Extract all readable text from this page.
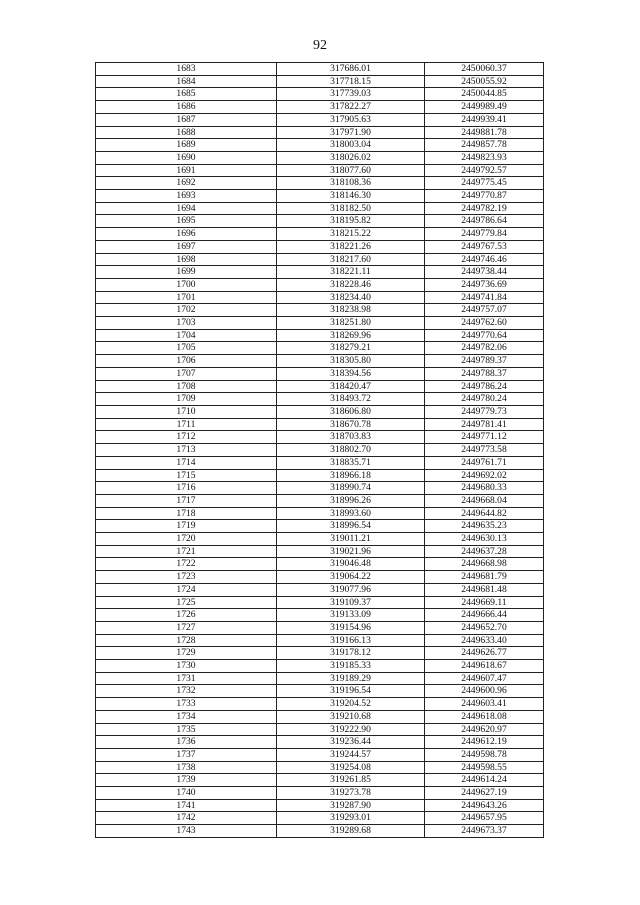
92
1683	317686.01	2450060.37
1684	317718.15	2450055.92
1685	317739.03	2450044.85
1686	317822.27	2449989.49
1687	317905.63	2449939.41
1688	317971.90	2449881.78
1689	318003.04	2449857.78
1690	318026.02	2449823.93
1691	318077.60	2449792.57
1692	318108.36	2449775.45
1693	318146.30	2449770.87
1694	318182.50	2449782.19
1695	318195.82	2449786.64
1696	318215.22	2449779.84
1697	318221.26	2449767.53
1698	318217.60	2449746.46
1699	318221.11	2449738.44
1700	318228.46	2449736.69
1701	318234.40	2449741.84
1702	318238.98	2449757.07
1703	318251.80	2449762.60
1704	318269.96	2449770.64
1705	318279.21	2449782.06
1706	318305.80	2449789.37
1707	318394.56	2449788.37
1708	318420.47	2449786.24
1709	318493.72	2449780.24
1710	318606.80	2449779.73
1711	318670.78	2449781.41
1712	318703.83	2449771.12
1713	318802.70	2449773.58
1714	318835.71	2449761.71
1715	318966.18	2449692.02
1716	318990.74	2449680.33
1717	318996.26	2449668.04
1718	318993.60	2449644.82
1719	318996.54	2449635.23
1720	319011.21	2449630.13
1721	319021.96	2449637.28
1722	319046.48	2449668.98
1723	319064.22	2449681.79
1724	319077.96	2449681.48
1725	319109.37	2449669.11
1726	319133.09	2449666.44
1727	319154.96	2449652.70
1728	319166.13	2449633.40
1729	319178.12	2449626.77
1730	319185.33	2449618.67
1731	319189.29	2449607.47
1732	319196.54	2449600.96
1733	319204.52	2449603.41
1734	319210.68	2449618.08
1735	319222.90	2449620.97
1736	319236.44	2449612.19
1737	319244.57	2449598.78
1738	319254.08	2449598.55
1739	319261.85	2449614.24
1740	319273.78	2449627.19
1741	319287.90	2449643.26
1742	319293.01	2449657.95
1743	319289.68	2449673.37
